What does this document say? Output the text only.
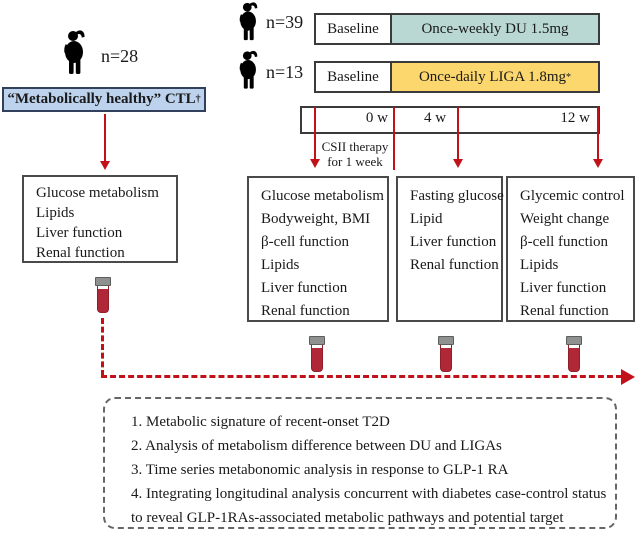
n=28
“Metabolically healthy” CTL †
Glucose metabolism
Lipids
Liver function
Renal function
n=39 Baseline	Once-weekly DU 1.5mg
n=13 Baseline	Once-daily LIGA 1.8mg *
0 w	4 w	12 w
CSII therapy
for 1 week
Glucose metabolism
Bodyweight, BMI
β-cell function
Lipids
Liver function
Renal function
Fasting glucose
Lipid
Liver function
Renal function
Glycemic control
Weight change
β-cell function
Lipids
Liver function
Renal function
1. Metabolic signature of recent-onset T2D
2. Analysis of metabolism difference between DU and LIGAs
3. Time series metabonomic analysis in response to GLP-1 RA
4. Integrating longitudinal analysis concurrent with diabetes case-control status
to reveal GLP-1RAs-associated metabolic pathways and potential target
